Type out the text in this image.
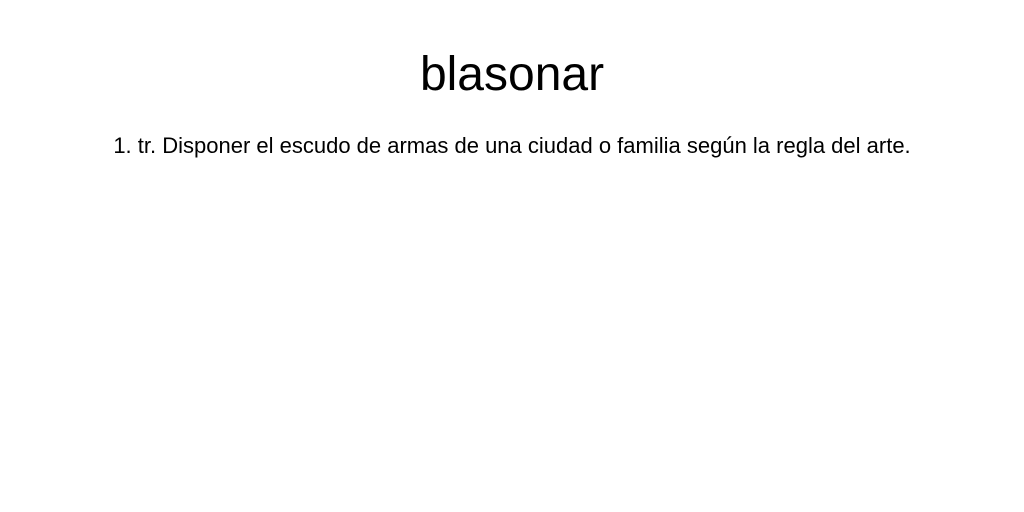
blasonar

1. tr. Disponer el escudo de armas de una ciudad o familia según la regla del arte.
